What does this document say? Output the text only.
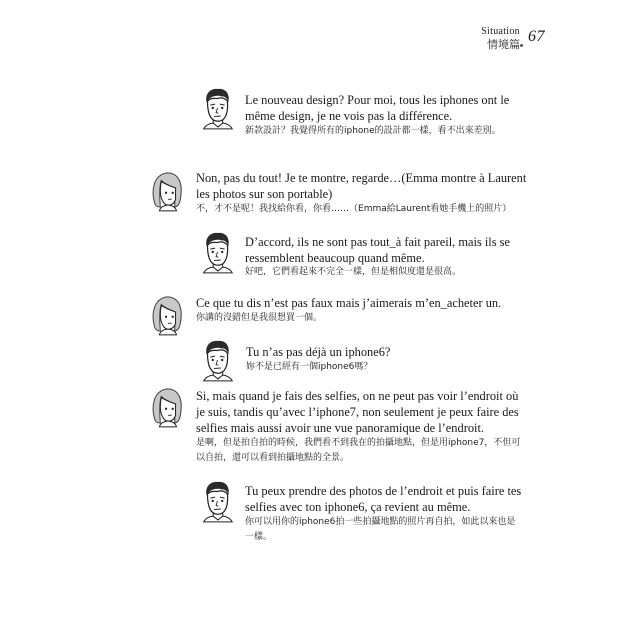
Situation
情境篇 67
Le nouveau design? Pour moi, tous les iphones ont le
même design, je ne vois pas la différence.
新款設計？我覺得所有的iphone的設計都一樣，看不出來差別。
Non, pas du tout! Je te montre, regarde…(Emma montre à Laurent
les photos sur son portable)
不，才不是呢！我找給你看，你看……（Emma給Laurent看她手機上的照片）
D’accord, ils ne sont pas tout_à fait pareil, mais ils se
ressemblent beaucoup quand même.
好吧，它們看起來不完全一樣，但是相似度還是很高。
Ce que tu dis n’est pas faux mais j’aimerais m’en_acheter un.
你講的沒錯但是我很想買一個。
Tu n’as pas déjà un iphone6?
妳不是已經有一個iphone6嗎？
Si, mais quand je fais des selfies, on ne peut pas voir l’endroit où
je suis, tandis qu’avec l’iphone7, non seulement je peux faire des
selfies mais aussi avoir une vue panoramique de l’endroit.
是啊，但是拍自拍的時候，我們看不到我在的拍攝地點，但是用iphone7，不但可
以自拍，還可以看到拍攝地點的全景。
Tu peux prendre des photos de l’endroit et puis faire tes
selfies avec ton iphone6, ça revient au même.
你可以用你的iphone6拍一些拍攝地點的照片再自拍，如此以來也是
一樣。
